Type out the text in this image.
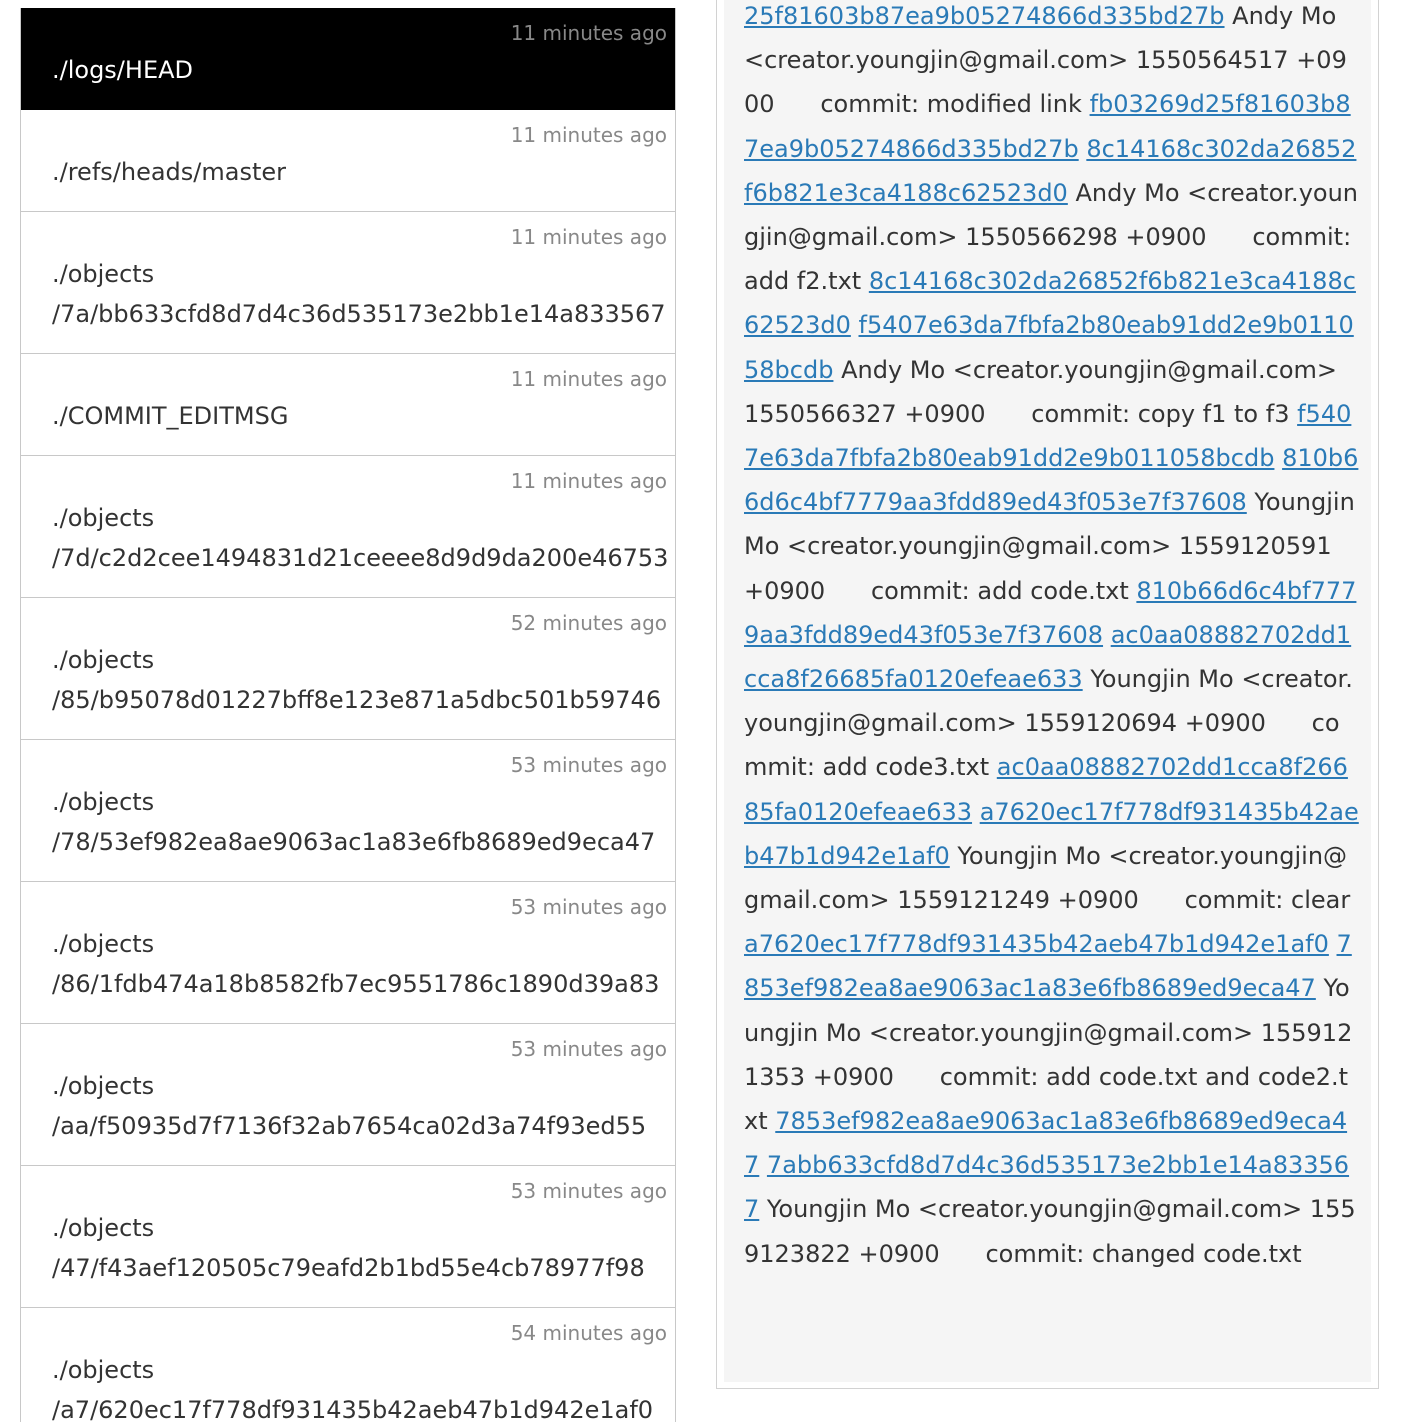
11 minutes ago
./logs/HEAD
11 minutes ago
./refs/heads/master
11 minutes ago
./objects
/7a/bb633cfd8d7d4c36d535173e2bb1e14a833567
11 minutes ago
./COMMIT_EDITMSG
11 minutes ago
./objects
/7d/c2d2cee1494831d21ceeee8d9d9da200e46753
52 minutes ago
./objects
/85/b95078d01227bff8e123e871a5dbc501b59746
53 minutes ago
./objects
/78/53ef982ea8ae9063ac1a83e6fb8689ed9eca47
53 minutes ago
./objects
/86/1fdb474a18b8582fb7ec9551786c1890d39a83
53 minutes ago
./objects
/aa/f50935d7f7136f32ab7654ca02d3a74f93ed55
53 minutes ago
./objects
/47/f43aef120505c79eafd2b1bd55e4cb78977f98
54 minutes ago
./objects
/a7/620ec17f778df931435b42aeb47b1d942e1af0
25f81603b87ea9b05274866d335bd27b Andy Mo <creator.youngjin@gmail.com> 1550564517 +0900 commit: modified link fb03269d25f81603b87ea9b05274866d335bd27b 8c14168c302da26852f6b821e3ca4188c62523d0 Andy Mo <creator.youngjin@gmail.com> 1550566298 +0900 commit: add f2.txt 8c14168c302da26852f6b821e3ca4188c62523d0 f5407e63da7fbfa2b80eab91dd2e9b011058bcdb Andy Mo <creator.youngjin@gmail.com> 1550566327 +0900 commit: copy f1 to f3 f5407e63da7fbfa2b80eab91dd2e9b011058bcdb 810b66d6c4bf7779aa3fdd89ed43f053e7f37608 Youngjin Mo <creator.youngjin@gmail.com> 1559120591 +0900 commit: add code.txt 810b66d6c4bf7779aa3fdd89ed43f053e7f37608 ac0aa08882702dd1cca8f26685fa0120efeae633 Youngjin Mo <creator.youngjin@gmail.com> 1559120694 +0900 commit: add code3.txt ac0aa08882702dd1cca8f26685fa0120efeae633 a7620ec17f778df931435b42aeb47b1d942e1af0 Youngjin Mo <creator.youngjin@gmail.com> 1559121249 +0900 commit: clear a7620ec17f778df931435b42aeb47b1d942e1af0 7853ef982ea8ae9063ac1a83e6fb8689ed9eca47 Youngjin Mo <creator.youngjin@gmail.com> 1559121353 +0900 commit: add code.txt and code2.txt 7853ef982ea8ae9063ac1a83e6fb8689ed9eca47 7abb633cfd8d7d4c36d535173e2bb1e14a833567 Youngjin Mo <creator.youngjin@gmail.com> 1559123822 +0900 commit: changed code.txt
